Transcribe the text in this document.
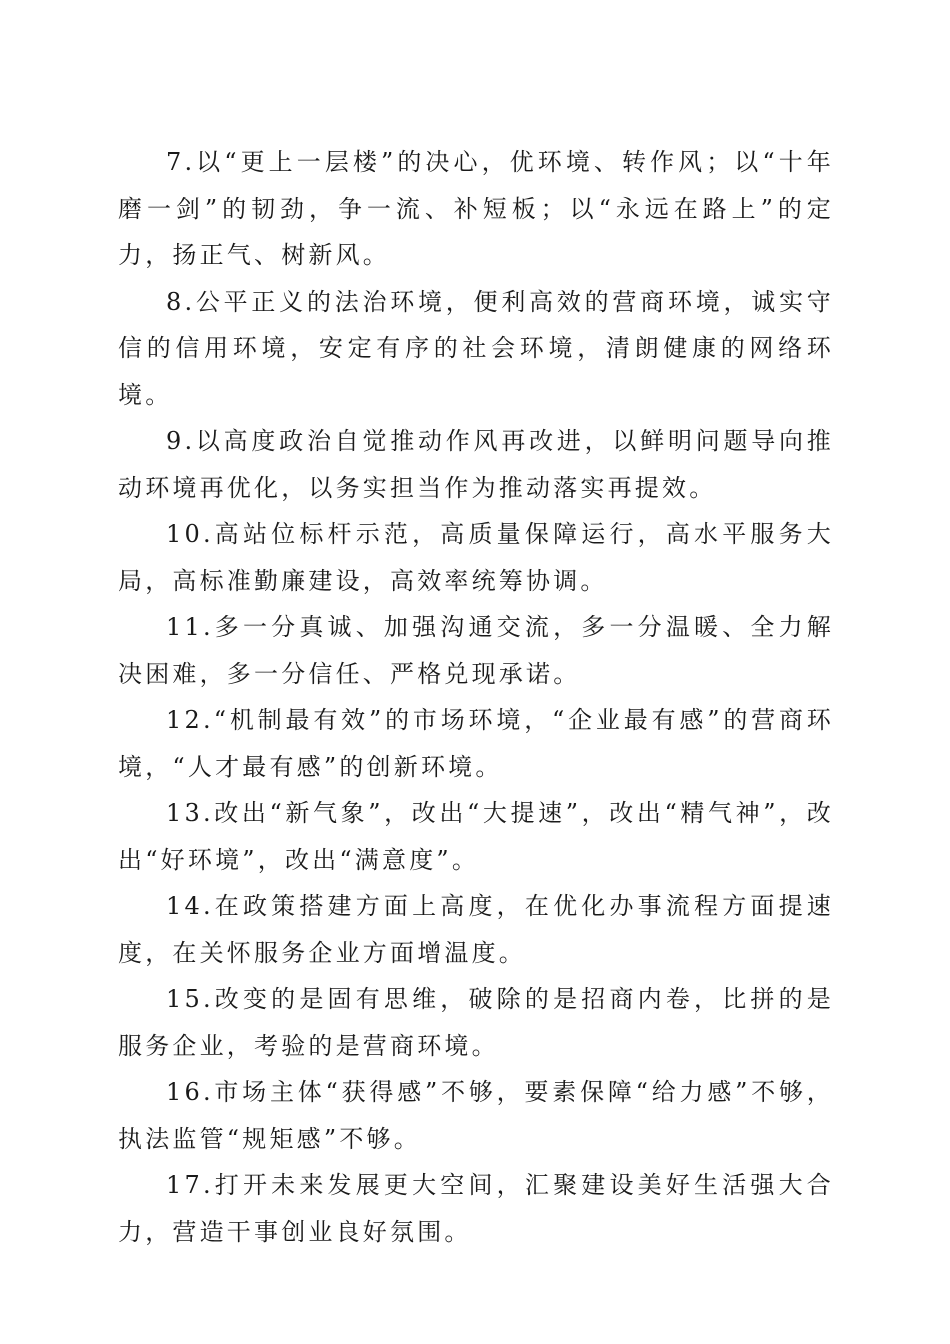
7.以“更上一层楼”的决心，优环境、转作风；以“十年磨一剑”的韧劲，争一流、补短板；以“永远在路上”的定力，扬正气、树新风。

8.公平正义的法治环境，便利高效的营商环境，诚实守信的信用环境，安定有序的社会环境，清朗健康的网络环境。

9.以高度政治自觉推动作风再改进，以鲜明问题导向推动环境再优化，以务实担当作为推动落实再提效。

10.高站位标杆示范，高质量保障运行，高水平服务大局，高标准勤廉建设，高效率统筹协调。

11.多一分真诚、加强沟通交流，多一分温暖、全力解决困难，多一分信任、严格兑现承诺。

12.“机制最有效”的市场环境，“企业最有感”的营商环境，“人才最有感”的创新环境。

13.改出“新气象”，改出“大提速”，改出“精气神”，改出“好环境”，改出“满意度”。

14.在政策搭建方面上高度，在优化办事流程方面提速度，在关怀服务企业方面增温度。

15.改变的是固有思维，破除的是招商内卷，比拼的是服务企业，考验的是营商环境。

16.市场主体“获得感”不够，要素保障“给力感”不够，执法监管“规矩感”不够。

17.打开未来发展更大空间，汇聚建设美好生活强大合力，营造干事创业良好氛围。
